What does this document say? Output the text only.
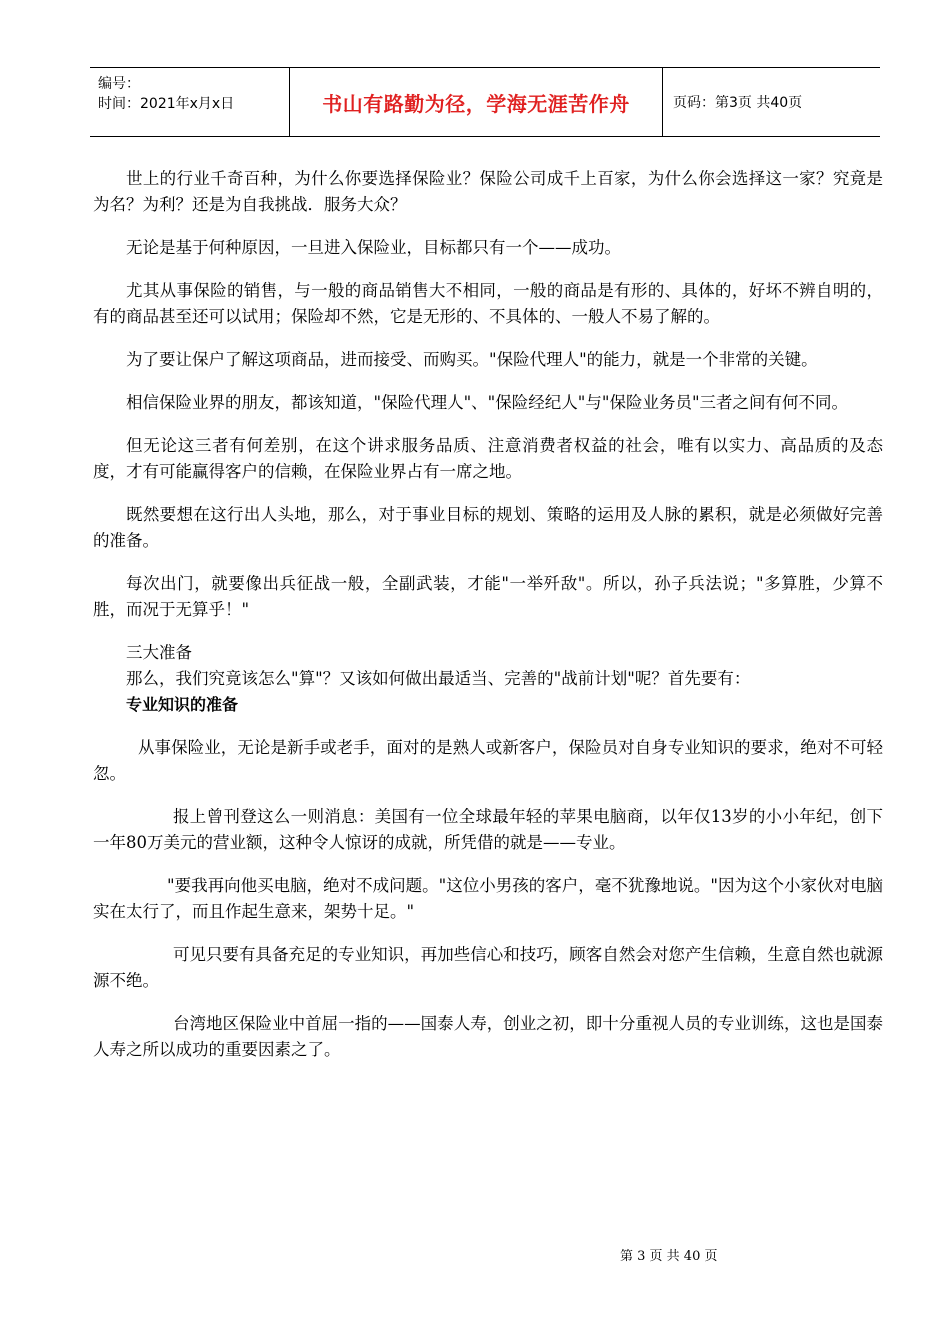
编号：
时间：2021年x月x日	书山有路勤为径，学海无涯苦作舟	页码：第3页 共40页

世上的行业千奇百种，为什么你要选择保险业？保险公司成千上百家，为什么你会选择这一家？究竟是为名？为利？还是为自我挑战．服务大众？

无论是基于何种原因，一旦进入保险业，目标都只有一个——成功。

尤其从事保险的销售，与一般的商品销售大不相同，一般的商品是有形的、具体的，好坏不辨自明的，有的商品甚至还可以试用；保险却不然，它是无形的、不具体的、一般人不易了解的。

为了要让保户了解这项商品，进而接受、而购买。"保险代理人"的能力，就是一个非常的关键。

相信保险业界的朋友，都该知道，"保险代理人"、"保险经纪人"与"保险业务员"三者之间有何不同。

但无论这三者有何差别，在这个讲求服务品质、注意消费者权益的社会，唯有以实力、高品质的及态度，才有可能赢得客户的信赖，在保险业界占有一席之地。

既然要想在这行出人头地，那么，对于事业目标的规划、策略的运用及人脉的累积，就是必须做好完善的准备。

每次出门，就要像出兵征战一般，全副武装，才能"一举歼敌"。所以，孙子兵法说；"多算胜，少算不胜，而况于无算乎！"

三大准备

那么，我们究竟该怎么"算"？又该如何做出最适当、完善的"战前计划"呢？首先要有：

专业知识的准备

从事保险业，无论是新手或老手，面对的是熟人或新客户，保险员对自身专业知识的要求，绝对不可轻忽。

报上曾刊登这么一则消息：美国有一位全球最年轻的苹果电脑商，以年仅13岁的小小年纪，创下一年80万美元的营业额，这种令人惊讶的成就，所凭借的就是——专业。

"要我再向他买电脑，绝对不成问题。"这位小男孩的客户，毫不犹豫地说。"因为这个小家伙对电脑实在太行了，而且作起生意来，架势十足。"

可见只要有具备充足的专业知识，再加些信心和技巧，顾客自然会对您产生信赖，生意自然也就源源不绝。

台湾地区保险业中首屈一指的——国泰人寿，创业之初，即十分重视人员的专业训练，这也是国泰人寿之所以成功的重要因素之了。

第 3 页 共 40 页
